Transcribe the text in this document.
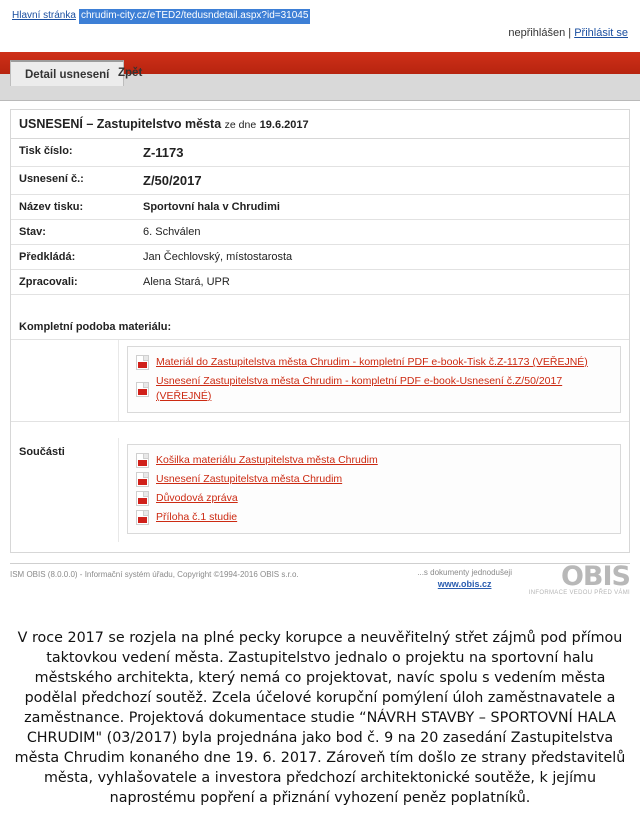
Hlavní stránka chrudim-city.cz/eTED2/tedusndetail.aspx?id=31045
nepřihlášen | Přihlásit se
Detail usnesení Zpět
USNESENÍ – Zastupitelstvo města ze dne 19.6.2017
Tisk číslo:	Z-1173
Usnesení č.:	Z/50/2017
Název tisku:	Sportovní hala v Chrudimi
Stav:	6. Schválen
Předkládá:	Jan Čechlovský, místostarosta
Zpracovali:	Alena Stará, UPR
Kompletní podoba materiálu:
Materiál do Zastupitelstva města Chrudim - kompletní PDF e-book-Tisk č.Z-1173 (VEŘEJNÉ)
Usnesení Zastupitelstva města Chrudim - kompletní PDF e-book-Usnesení č.Z/50/2017 (VEŘEJNÉ)
Součásti
Košilka materiálu Zastupitelstva města Chrudim
Usnesení Zastupitelstva města Chrudim
Důvodová zpráva
Příloha č.1 studie
ISM OBIS (8.0.0.0) - Informační systém úřadu, Copyright ©1994-2016 OBIS s.r.o.	...s dokumenty jednodušeji
www.obis.cz	OBIS
INFORMACE VEDOU PŘED VÁMI

V roce 2017 se rozjela na plné pecky korupce a neuvěřitelný střet zájmů pod přímou taktovkou vedení města. Zastupitelstvo jednalo o projektu na sportovní halu městského architekta, který nemá co projektovat, navíc spolu s vedením města podělal předchozí soutěž. Zcela účelové korupční pomýlení úloh zaměstnavatele a zaměstnance. Projektová dokumentace studie “NÁVRH STAVBY – SPORTOVNÍ HALA CHRUDIM" (03/2017) byla projednána jako bod č. 9 na 20 zasedání Zastupitelstva města Chrudim konaného dne 19. 6. 2017. Zároveň tím došlo ze strany představitelů města, vyhlašovatele a investora předchozí architektonické soutěže, k jejímu naprostému popření a přiznání vyhození peněz poplatníků.
